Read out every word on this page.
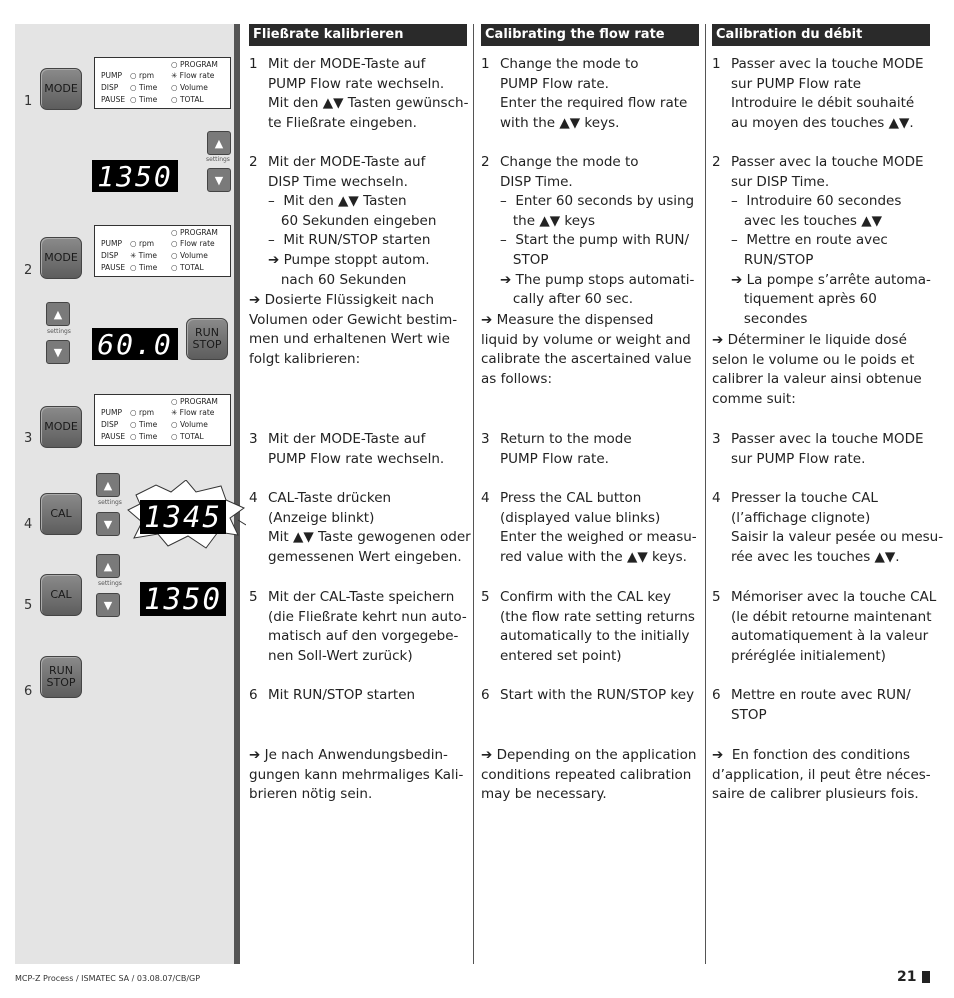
1
MODE
○ PROGRAM
PUMP ○ rpm ✳ Flow rate
DISP ○ Time ○ Volume
PAUSE ○ Time ○ TOTAL
▲
settings
▼
1350
2
MODE
○ PROGRAM
PUMP ○ rpm ○ Flow rate
DISP ✳ Time ○ Volume
PAUSE ○ Time ○ TOTAL
▲
settings
▼ 60.0	RUN STOP
3
MODE
○ PROGRAM
PUMP ○ rpm ✳ Flow rate
DISP ○ Time ○ Volume
PAUSE ○ Time ○ TOTAL
4
CAL
▲
settings
▼ 1345
5
CAL
▲
settings
▼ 1350
6
RUN STOP
Fließrate kalibrieren
1 Mit der MODE-Taste auf
PUMP Flow rate wechseln.
Mit den ▲▼ Tasten gewünsch-
te Fließrate eingeben.
2 Mit der MODE-Taste auf
DISP Time wechseln.
–  Mit den ▲▼ Tasten
60 Sekunden eingeben
–  Mit RUN/STOP starten
➔ Pumpe stoppt autom.
nach 60 Sekunden
➔ Dosierte Flüssigkeit nach
Volumen oder Gewicht bestim-
men und erhaltenen Wert wie
folgt kalibrieren:
3 Mit der MODE-Taste auf
PUMP Flow rate wechseln.
4 CAL-Taste drücken
(Anzeige blinkt)
Mit ▲▼ Taste gewogenen oder
gemessenen Wert eingeben.
5 Mit der CAL-Taste speichern
(die Fließrate kehrt nun auto-
matisch auf den vorgegebe-
nen Soll-Wert zurück)
6 Mit RUN/STOP starten
➔ Je nach Anwendungsbedin-
gungen kann mehrmaliges Kali-
brieren nötig sein.
Calibrating the flow rate
1 Change the mode to
PUMP Flow rate.
Enter the required flow rate
with the ▲▼ keys.
2 Change the mode to
DISP Time.
–  Enter 60 seconds by using
the ▲▼ keys
–  Start the pump with RUN/
STOP
➔ The pump stops automati-
cally after 60 sec.
➔ Measure the dispensed
liquid by volume or weight and
calibrate the ascertained value
as follows:
3 Return to the mode
PUMP Flow rate.
4 Press the CAL button
(displayed value blinks)
Enter the weighed or measu-
red value with the ▲▼ keys.
5 Confirm with the CAL key
(the flow rate setting returns
automatically to the initially
entered set point)
6 Start with the RUN/STOP key
➔ Depending on the application
conditions repeated calibration
may be necessary.
Calibration du débit
1 Passer avec la touche MODE
sur PUMP Flow rate
Introduire le débit souhaité
au moyen des touches ▲▼.
2 Passer avec la touche MODE
sur DISP Time.
–  Introduire 60 secondes
avec les touches ▲▼
–  Mettre en route avec
RUN/STOP
➔ La pompe s’arrête automa-
tiquement après 60
secondes
➔ Déterminer le liquide dosé
selon le volume ou le poids et
calibrer la valeur ainsi obtenue
comme suit:
3 Passer avec la touche MODE
sur PUMP Flow rate.
4 Presser la touche CAL
(l’affichage clignote)
Saisir la valeur pesée ou mesu-
rée avec les touches ▲▼.
5 Mémoriser avec la touche CAL
(le débit retourne maintenant
automatiquement à la valeur
préréglée initialement)
6 Mettre en route avec RUN/
STOP
➔  En fonction des conditions
d’application, il peut être néces-
saire de calibrer plusieurs fois.
MCP-Z Process / ISMATEC SA / 03.08.07/CB/GP	21
